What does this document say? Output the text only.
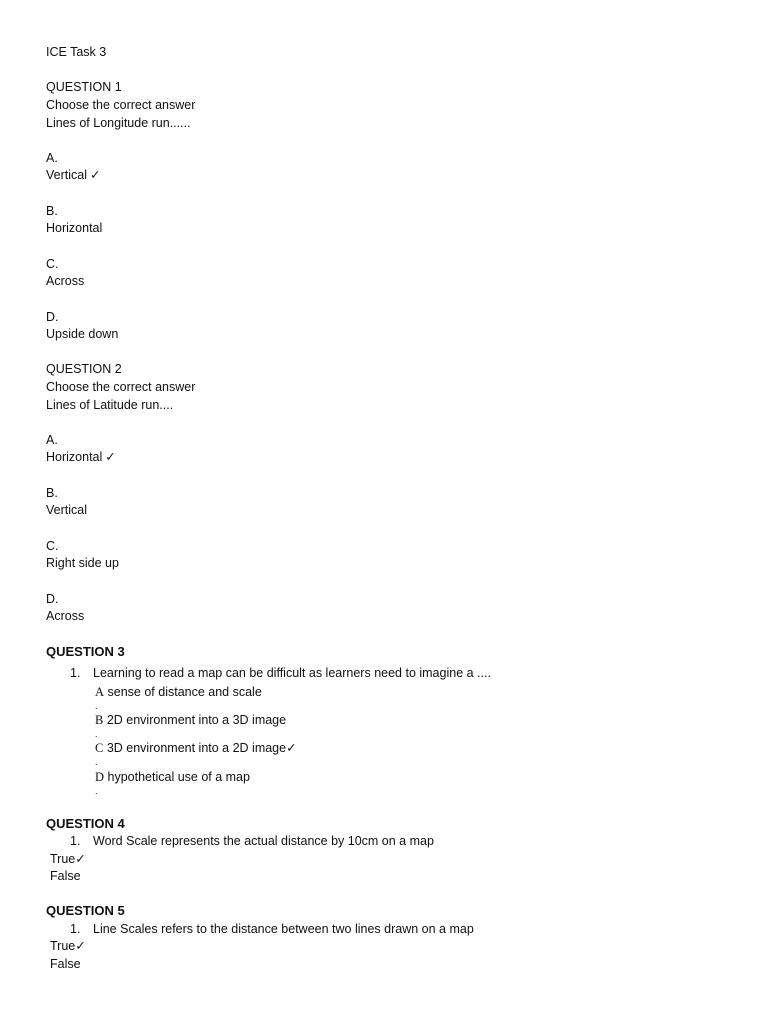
ICE Task 3
QUESTION 1
Choose the correct answer
Lines of Longitude run......
A.
Vertical ✓
B.
Horizontal
C.
Across
D.
Upside down
QUESTION 2
Choose the correct answer
Lines of Latitude run....
A.
Horizontal ✓
B.
Vertical
C.
Right side up
D.
Across
QUESTION 3
1. Learning to read a map can be difficult as learners need to imagine a ....
A sense of distance and scale
.
B 2D environment into a 3D image
.
C 3D environment into a 2D image✓
.
D hypothetical use of a map
.
QUESTION 4
1. Word Scale represents the actual distance by 10cm on a map
True✓
False
QUESTION 5
1. Line Scales refers to the distance between two lines drawn on a map
True✓
False
